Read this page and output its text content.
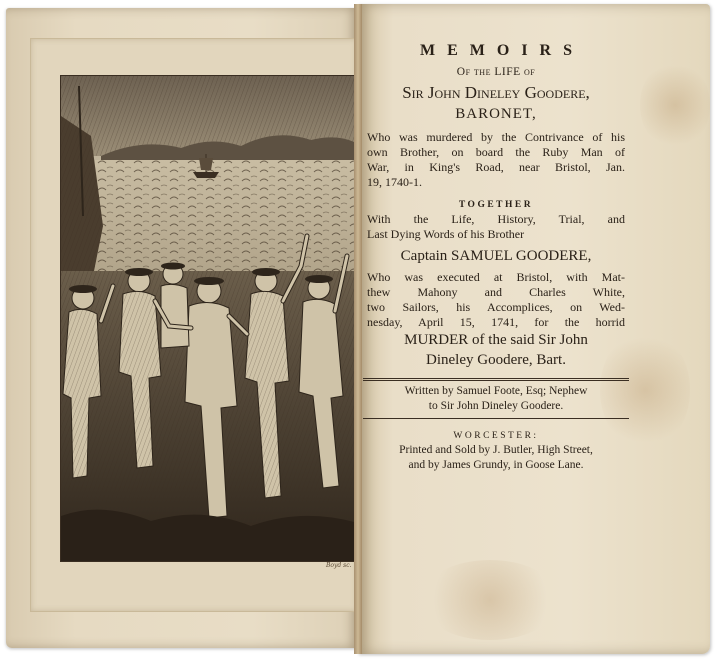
Boyd sc.
MEMOIRS
Of the LIFE of
Sir John Dineley Goodere,
BARONET,
Who was murdered by the Contrivance of his
own Brother, on board the Ruby Man of
War, in King's Road, near Bristol, Jan.
19, 1740-1.
TOGETHER
With the Life, History, Trial, and
Last Dying Words of his Brother
Captain SAMUEL GOODERE,
Who was executed at Bristol, with Mat-
thew Mahony and Charles White,
two Sailors, his Accomplices, on Wed-
nesday, April 15, 1741, for the horrid
MURDER of the said Sir John
Dineley Goodere, Bart.
Written by Samuel Foote, Esq; Nephew
to Sir John Dineley Goodere.
WORCESTER:
Printed and Sold by J. Butler, High Street,
and by James Grundy, in Goose Lane.
